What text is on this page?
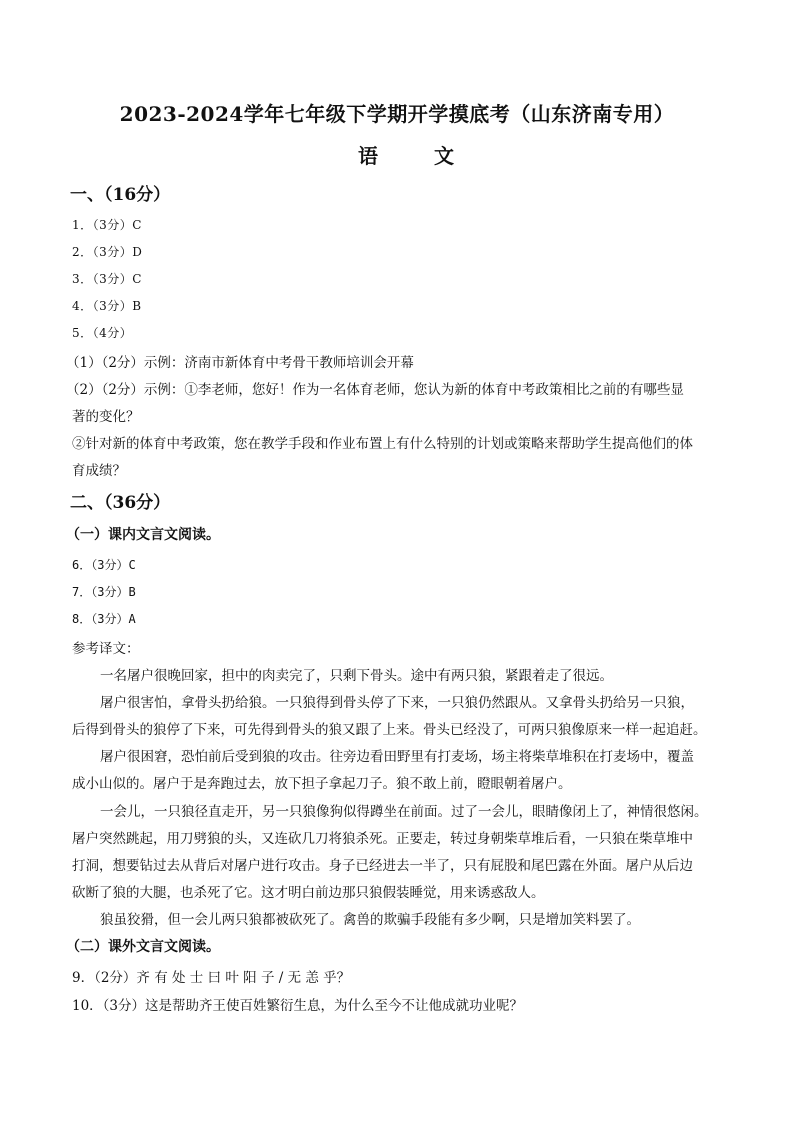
2023-2024学年七年级下学期开学摸底考（山东济南专用）
语　文
一、（16分）
1．（3分）C
2．（3分）D
3．（3分）C
4．（3分）B
5．（4分）
（1）（2分）示例：济南市新体育中考骨干教师培训会开幕
（2）（2分）示例：①李老师，您好！作为一名体育老师，您认为新的体育中考政策相比之前的有哪些显
著的变化？
②针对新的体育中考政策，您在教学手段和作业布置上有什么特别的计划或策略来帮助学生提高他们的体
育成绩？
二、（36分）
（一）课内文言文阅读。
6．（3分）C
7．（3分）B
8．（3分）A
参考译文：
一名屠户很晚回家，担中的肉卖完了，只剩下骨头。途中有两只狼，紧跟着走了很远。
屠户很害怕，拿骨头扔给狼。一只狼得到骨头停了下来，一只狼仍然跟从。又拿骨头扔给另一只狼，
后得到骨头的狼停了下来，可先得到骨头的狼又跟了上来。骨头已经没了，可两只狼像原来一样一起追赶。
屠户很困窘，恐怕前后受到狼的攻击。往旁边看田野里有打麦场，场主将柴草堆积在打麦场中，覆盖
成小山似的。屠户于是奔跑过去，放下担子拿起刀子。狼不敢上前，瞪眼朝着屠户。
一会儿，一只狼径直走开，另一只狼像狗似得蹲坐在前面。过了一会儿，眼睛像闭上了，神情很悠闲。
屠户突然跳起，用刀劈狼的头，又连砍几刀将狼杀死。正要走，转过身朝柴草堆后看，一只狼在柴草堆中
打洞，想要钻过去从背后对屠户进行攻击。身子已经进去一半了，只有屁股和尾巴露在外面。屠户从后边
砍断了狼的大腿，也杀死了它。这才明白前边那只狼假装睡觉，用来诱惑敌人。
狼虽狡猾，但一会儿两只狼都被砍死了。禽兽的欺骗手段能有多少啊，只是增加笑料罢了。
（二）课外文言文阅读。
9．（2分）齐 有 处 士 曰 叶 阳 子 / 无 恙 乎？
10．（3分）这是帮助齐王使百姓繁衍生息，为什么至今不让他成就功业呢？
